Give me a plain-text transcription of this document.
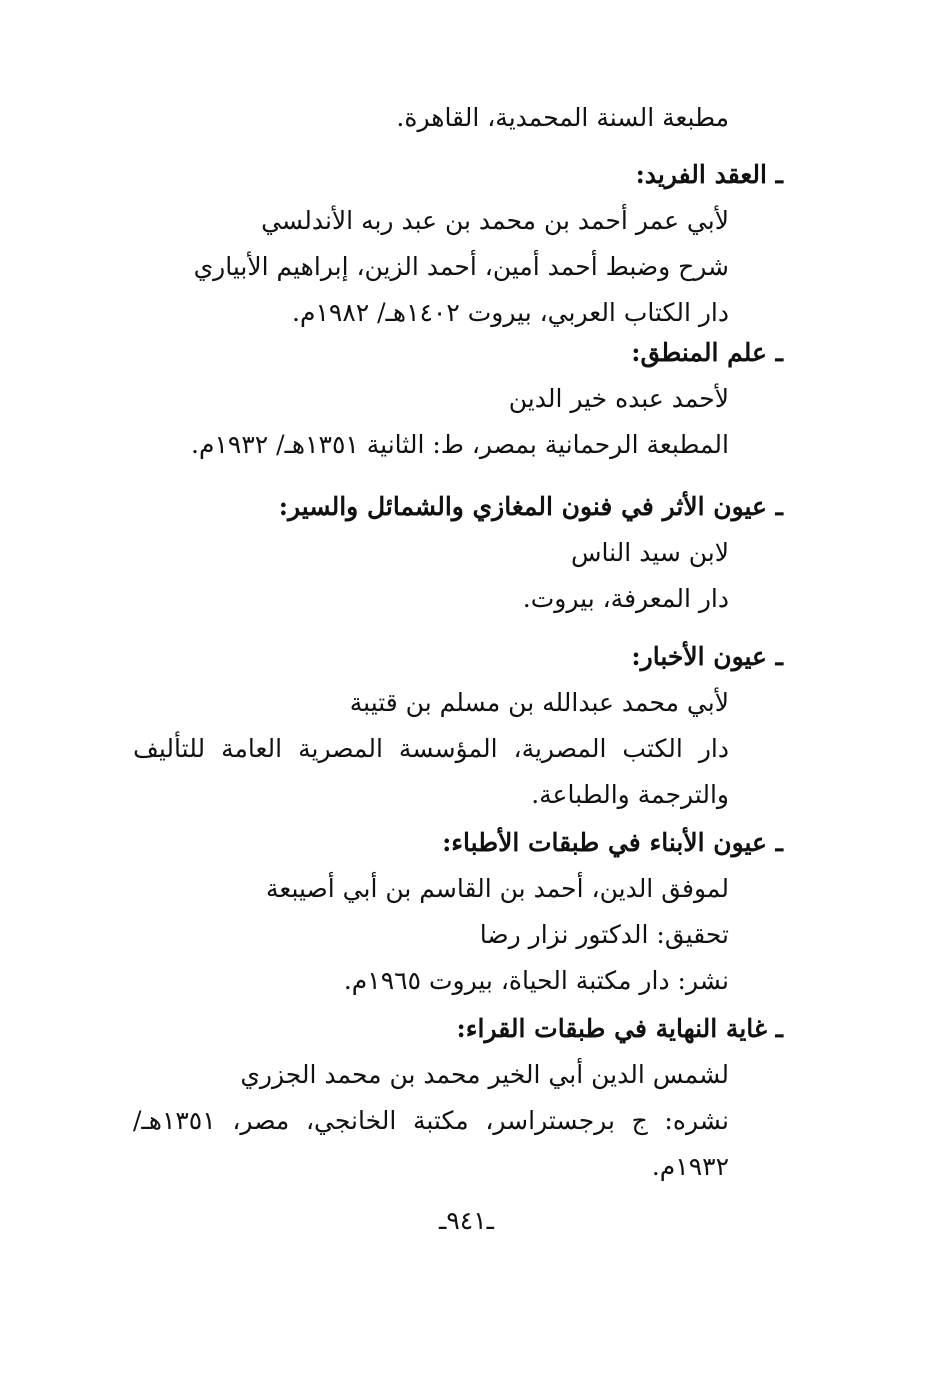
مطبعة السنة المحمدية، القاهرة.
ـ العقد الفريد:
لأبي عمر أحمد بن محمد بن عبد ربه الأندلسي
شرح وضبط أحمد أمين، أحمد الزين، إبراهيم الأبياري
دار الكتاب العربي، بيروت ١٤٠٢هـ/ ١٩٨٢م.
ـ علم المنطق:
لأحمد عبده خير الدين
المطبعة الرحمانية بمصر، ط: الثانية ١٣٥١هـ/ ١٩٣٢م.
ـ عيون الأثر في فنون المغازي والشمائل والسير:
لابن سيد الناس
دار المعرفة، بيروت.
ـ عيون الأخبار:
لأبي محمد عبدالله بن مسلم بن قتيبة
دار الكتب المصرية، المؤسسة المصرية العامة للتأليف والترجمة والطباعة.
ـ عيون الأبناء في طبقات الأطباء:
لموفق الدين، أحمد بن القاسم بن أبي أصيبعة
تحقيق: الدكتور نزار رضا
نشر: دار مكتبة الحياة، بيروت ١٩٦٥م.
ـ غاية النهاية في طبقات القراء:
لشمس الدين أبي الخير محمد بن محمد الجزري
نشره: ج برجستراسر، مكتبة الخانجي، مصر، ١٣٥١هـ/ ١٩٣٢م.
ـ٩٤١ـ
